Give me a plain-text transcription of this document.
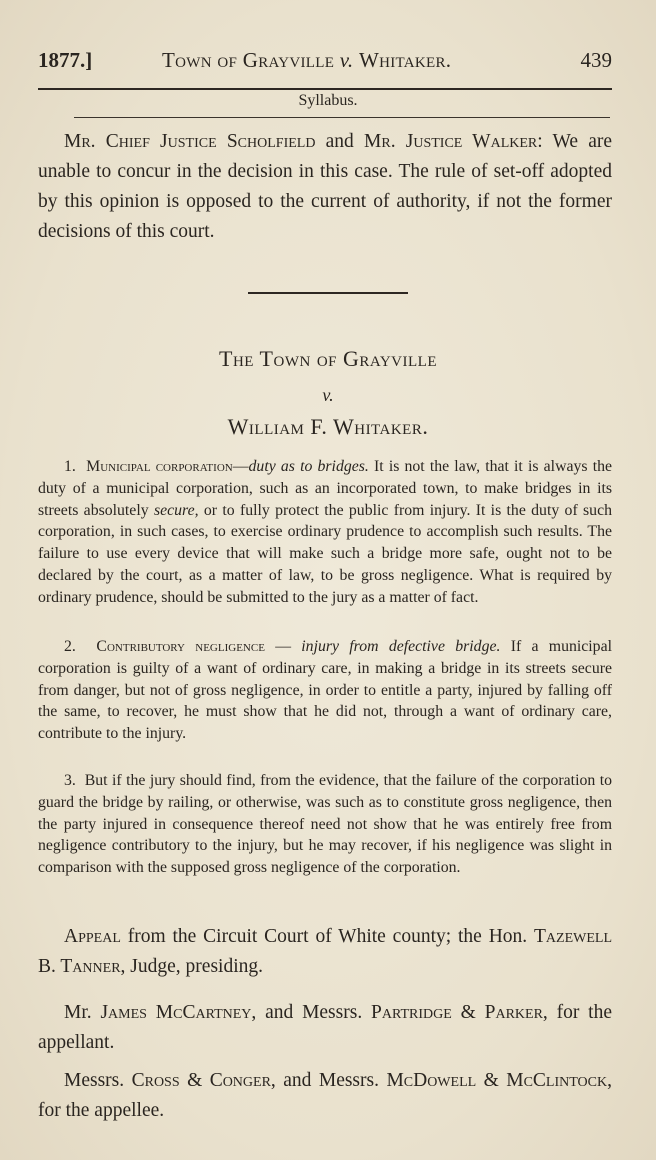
1877.]	Town of Grayville v. Whitaker.	439
Syllabus.
Mr. Chief Justice Scholfield and Mr. Justice Walker: We are unable to concur in the decision in this case. The rule of set-off adopted by this opinion is opposed to the current of authority, if not the former decisions of this court.
The Town of Grayville
v.
William F. Whitaker.
1. Municipal corporation—duty as to bridges. It is not the law, that it is always the duty of a municipal corporation, such as an incorporated town, to make bridges in its streets absolutely secure, or to fully protect the public from injury. It is the duty of such corporation, in such cases, to exercise ordinary prudence to accomplish such results. The failure to use every device that will make such a bridge more safe, ought not to be declared by the court, as a matter of law, to be gross negligence. What is required by ordinary prudence, should be submitted to the jury as a matter of fact.
2. Contributory negligence — injury from defective bridge. If a municipal corporation is guilty of a want of ordinary care, in making a bridge in its streets secure from danger, but not of gross negligence, in order to entitle a party, injured by falling off the same, to recover, he must show that he did not, through a want of ordinary care, contribute to the injury.
3. But if the jury should find, from the evidence, that the failure of the corporation to guard the bridge by railing, or otherwise, was such as to constitute gross negligence, then the party injured in consequence thereof need not show that he was entirely free from negligence contributory to the injury, but he may recover, if his negligence was slight in comparison with the supposed gross negligence of the corporation.
Appeal from the Circuit Court of White county; the Hon. Tazewell B. Tanner, Judge, presiding.
Mr. James McCartney, and Messrs. Partridge & Parker, for the appellant.
Messrs. Cross & Conger, and Messrs. McDowell & McClintock, for the appellee.
